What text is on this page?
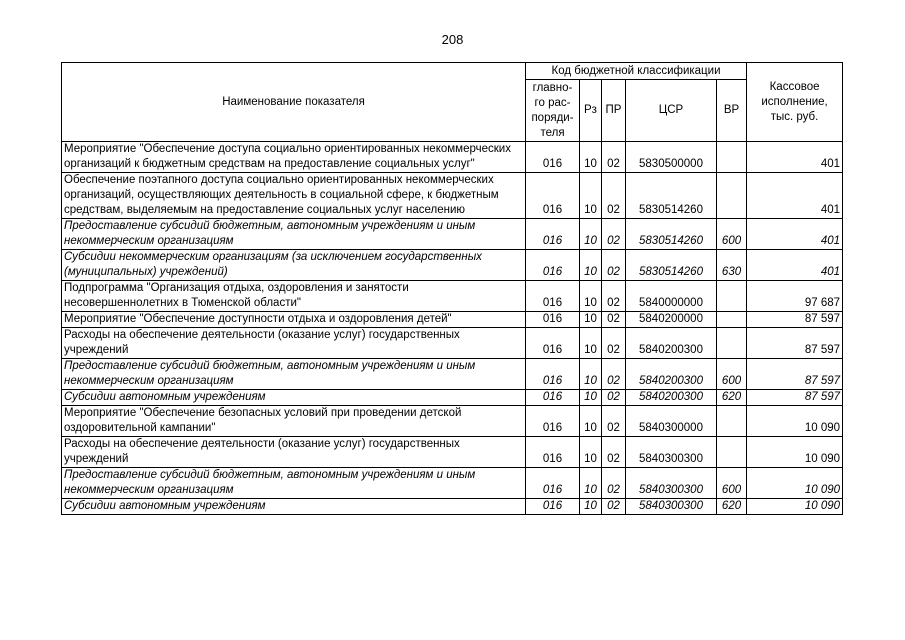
208
Наименование показателя	Код бюджетной классификации					Кассовое исполнение, тыс. руб.
	главно-го рас-поряди-теля	Рз	ПР	ЦСР	ВР	
Мероприятие "Обеспечение доступа социально ориентированных некоммерческих организаций к бюджетным средствам на предоставление социальных услуг"	016	10	02	5830500000		401
Обеспечение поэтапного доступа социально ориентированных некоммерческих организаций, осуществляющих деятельность в социальной сфере, к бюджетным средствам, выделяемым на предоставление социальных услуг населению	016	10	02	5830514260		401
Предоставление субсидий бюджетным, автономным учреждениям и иным некоммерческим организациям	016	10	02	5830514260	600	401
Субсидии некоммерческим организациям (за исключением государственных (муниципальных) учреждений)	016	10	02	5830514260	630	401
Подпрограмма "Организация отдыха, оздоровления и занятости несовершеннолетних в Тюменской области"	016	10	02	5840000000		97 687
Мероприятие "Обеспечение доступности отдыха и оздоровления детей"	016	10	02	5840200000		87 597
Расходы на обеспечение деятельности (оказание услуг) государственных учреждений	016	10	02	5840200300		87 597
Предоставление субсидий бюджетным, автономным учреждениям и иным некоммерческим организациям	016	10	02	5840200300	600	87 597
Субсидии автономным учреждениям	016	10	02	5840200300	620	87 597
Мероприятие "Обеспечение безопасных условий при проведении детской оздоровительной кампании"	016	10	02	5840300000		10 090
Расходы на обеспечение деятельности (оказание услуг) государственных учреждений	016	10	02	5840300300		10 090
Предоставление субсидий бюджетным, автономным учреждениям и иным некоммерческим организациям	016	10	02	5840300300	600	10 090
Субсидии автономным учреждениям	016	10	02	5840300300	620	10 090
